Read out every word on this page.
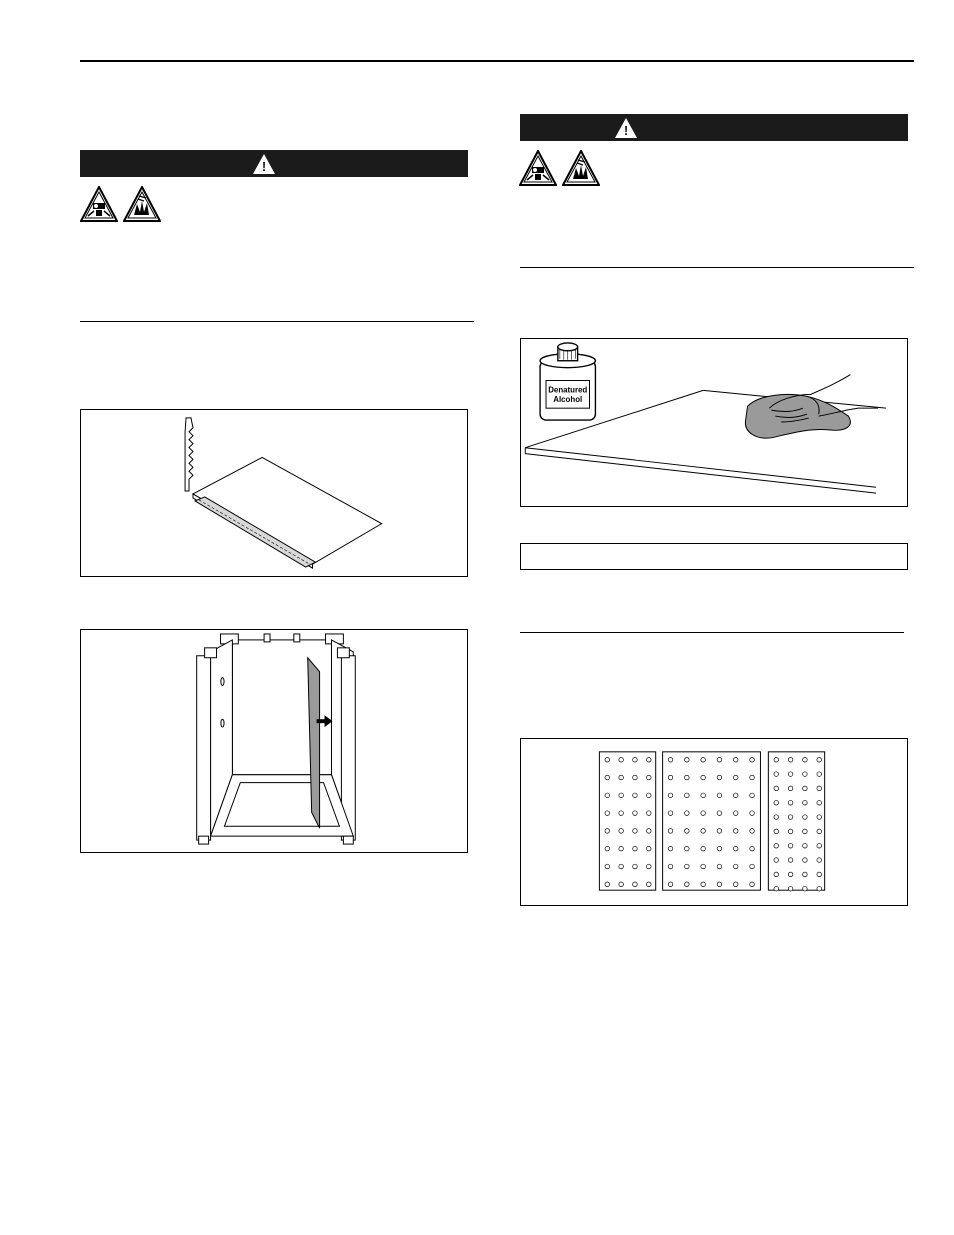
!
!
Denatured
Alcohol
